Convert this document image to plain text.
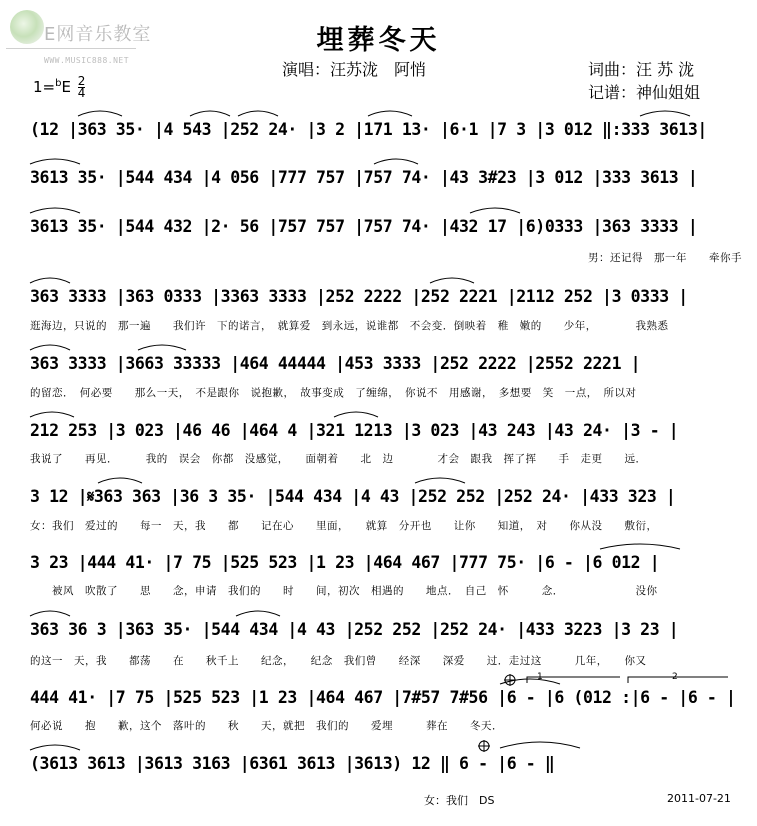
E网音乐教室
WWW.MUSIC888.NET
埋葬冬天
演唱：汪苏泷　阿悄	词曲：汪 苏 泷
记谱：神仙姐姐
$1=^bE \frac{2}{4}$
(12 |363 35· |4 543 |252 24· |3 2 |171 13· |6·1 |7 3 |3 012 ‖:333 3613|
3613 35· |544 434 |4 056 |777 757 |757 74· |43 3#23 |3 012 |333 3613 |
3613 35· |544 432 |2· 56 |757 757 |757 74· |432 17 |6)0333 |363 3333 |
男：还记得　那一年　　牵你手
363 3333 |363 0333 |3363 3333 |252 2222 |252 2221 |2112 252 |3 0333 |
逛海边，只说的　那一遍　　我们许　下的诺言，　就算爱　到永远，说谁都　不会变．倒映着　稚　嫩的　　少年，　　　　我熟悉
363 3333 |3663 33333 |464 44444 |453 3333 |252 2222 |2552 2221 |
的留恋．　何必要　　那么一天，　不是跟你　说抱歉，　故事变成　了缠绵，　你说不　用感谢，　多想要　笑　一点，　所以对
212 253 |3 023 |46 46 |464 4 |321 1213 |3 023 |43 243 |43 24· |3 - |
我说了　　再见．　　　我的　误会　你都　没感觉，　　面朝着　　北　边　　　　才会　跟我　挥了挥　　手　走更　　远．
3 12 |𝄋363 363 |36 3 35· |544 434 |4 43 |252 252 |252 24· |433 323 |
女：我们　爱过的　　每一　天，我　　都　　记在心　　里面，　　就算　分开也　　让你　　知道，　对　　你从没　　敷衍，
3 23 |444 41· |7 75 |525 523 |1 23 |464 467 |777 75· |6 - |6 012 |
　　被风　吹散了　　思　　念，申请　我们的　　时　　间，初次　相遇的　　地点．　自己　怀　　　念．　　　　　　　没你
363 36 3 |363 35· |544 434 |4 43 |252 252 |252 24· |433 3223 |3 23 |
的这一　天，我　　都荡　　在　　秋千上　　纪念，　　纪念　我们曾　　经深　　深爱　　过．走过这　　　几年，　　你又
1	2
444 41· |7 75 |525 523 |1 23 |464 467 |7#57 7#56 |6 - |6 (012 :|6 - |6 - |
何必说　　抱　　歉，这个　落叶的　　秋　　天，就把　我们的　　爱埋　　　葬在　　冬天．
(3613 3613 |3613 3163 |6361 3613 |3613) 12 ‖ 6 - |6 - ‖
女：我们　DS	2011-07-21
